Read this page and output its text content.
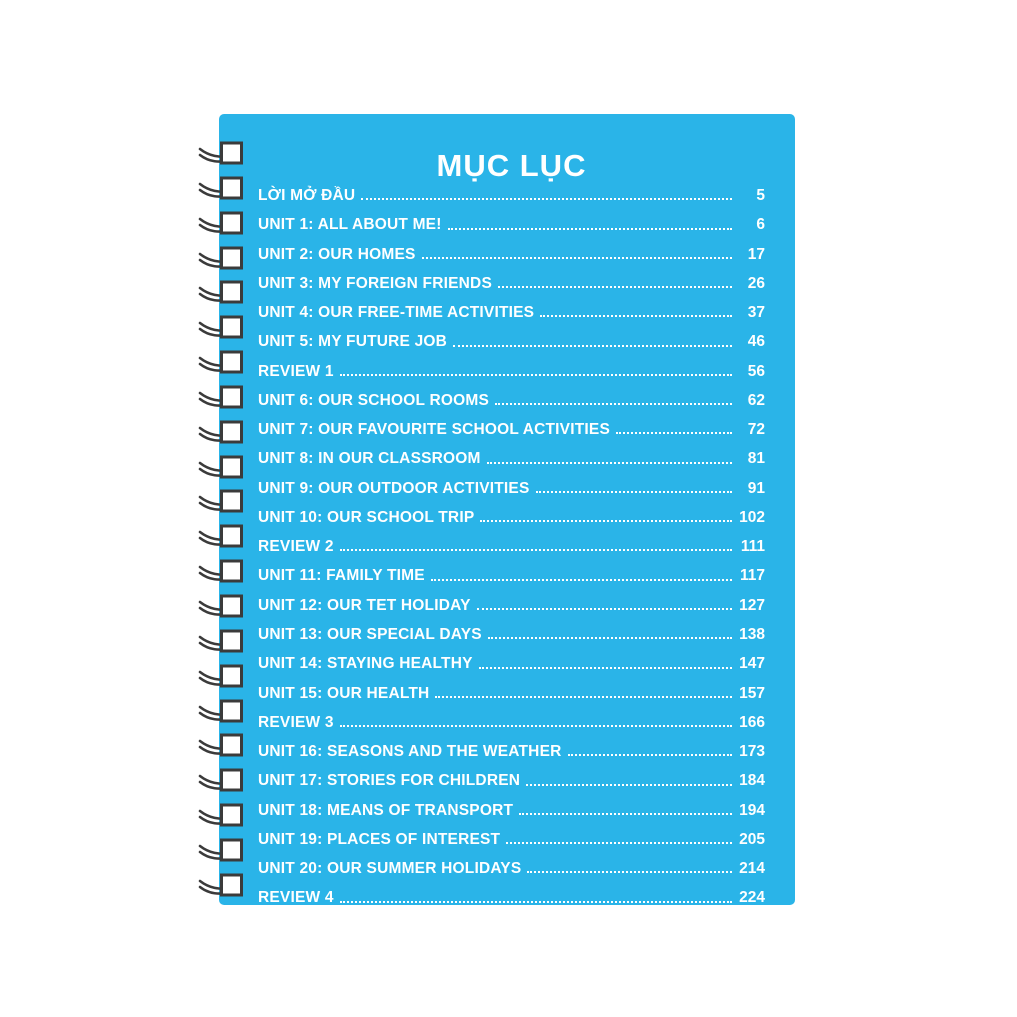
MỤC LỤC
LỜI MỞ ĐẦU	5
UNIT 1: ALL ABOUT ME!	6
UNIT 2: OUR HOMES	17
UNIT 3: MY FOREIGN FRIENDS	26
UNIT 4: OUR FREE-TIME ACTIVITIES	37
UNIT 5: MY FUTURE JOB	46
REVIEW 1	56
UNIT 6: OUR SCHOOL ROOMS	62
UNIT 7: OUR FAVOURITE SCHOOL ACTIVITIES	72
UNIT 8: IN OUR CLASSROOM	81
UNIT 9: OUR OUTDOOR ACTIVITIES	91
UNIT 10: OUR SCHOOL TRIP	102
REVIEW 2	111
UNIT 11: FAMILY TIME	117
UNIT 12: OUR TET HOLIDAY	127
UNIT 13: OUR SPECIAL DAYS	138
UNIT 14: STAYING HEALTHY	147
UNIT 15: OUR HEALTH	157
REVIEW 3	166
UNIT 16: SEASONS AND THE WEATHER	173
UNIT 17: STORIES FOR CHILDREN	184
UNIT 18: MEANS OF TRANSPORT	194
UNIT 19: PLACES OF INTEREST	205
UNIT 20: OUR SUMMER HOLIDAYS	214
REVIEW 4	224
